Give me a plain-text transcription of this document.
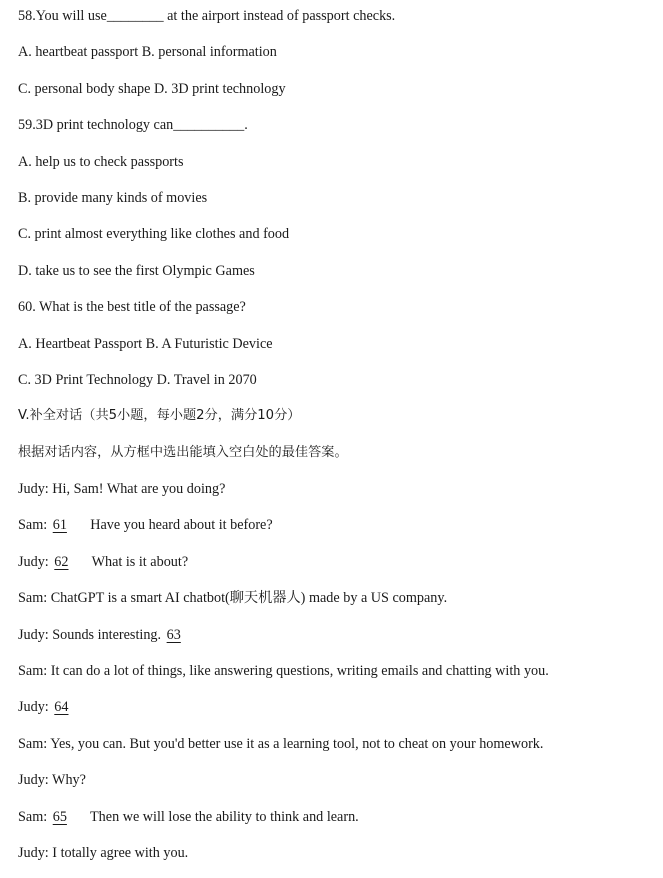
58.You will use________ at the airport instead of passport checks.
A. heartbeat passport B. personal information
C. personal body shape D. 3D print technology
59.3D print technology can__________.
A. help us to check passports
B. provide many kinds of movies
C. print almost everything like clothes and food
D. take us to see the first Olympic Games
60. What is the best title of the passage?
A. Heartbeat Passport B. A Futuristic Device
C. 3D Print Technology D. Travel in 2070
V.补全对话（共5小题，每小题2分，满分10分）
根据对话内容，从方框中选出能填入空白处的最佳答案。
Judy: Hi, Sam! What are you doing?
Sam: 61 Have you heard about it before?
Judy: 62 What is it about?
Sam: ChatGPT is a smart AI chatbot(聊天机器人) made by a US company.
Judy: Sounds interesting. 63
Sam: It can do a lot of things, like answering questions, writing emails and chatting with you.
Judy: 64
Sam: Yes, you can. But you'd better use it as a learning tool, not to cheat on your homework.
Judy: Why?
Sam: 65 Then we will lose the ability to think and learn.
Judy: I totally agree with you.
